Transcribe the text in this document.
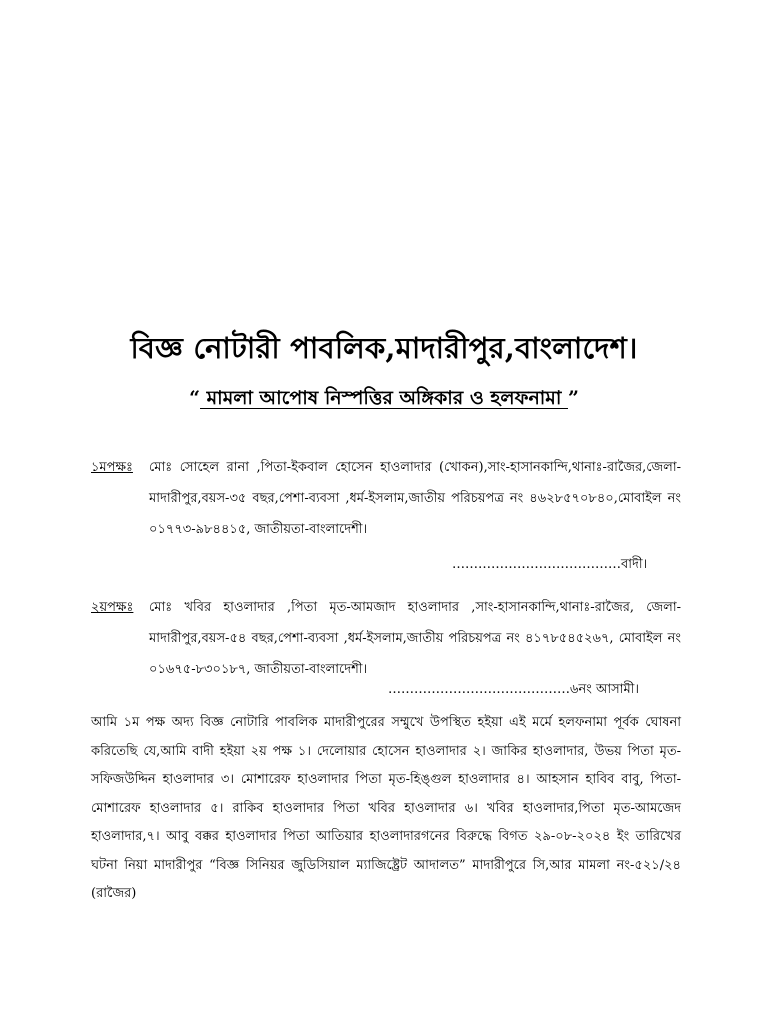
বিজ্ঞ নোটারী পাবলিক,মাদারীপুর,বাংলাদেশ।
“ মামলা আপোষ নিস্পত্তির অঙ্গিকার ও হলফনামা ”
১মপক্ষঃ মোঃ সোহেল রানা ,পিতা-ইকবাল হোসেন হাওলাদার (খোকন),সাং-হাসানকান্দি,থানাঃ-রাজৈর,জেলা-মাদারীপুর,বয়স-৩৫ বছর,পেশা-ব্যবসা ,ধর্ম-ইসলাম,জাতীয় পরিচয়পত্র নং ৪৬২৮৫৭০৮৪০,মোবাইল নং ০১৭৭৩-৯৮৪৪১৫, জাতীয়তা-বাংলাদেশী।
…………………………………বাদী।
২য়পক্ষঃ মোঃ খবির হাওলাদার ,পিতা মৃত-আমজাদ হাওলাদার ,সাং-হাসানকান্দি,থানাঃ-রাজৈর, জেলা-মাদারীপুর,বয়স-৫৪ বছর,পেশা-ব্যবসা ,ধর্ম-ইসলাম,জাতীয় পরিচয়পত্র নং ৪১৭৮৫৪৫২৬৭, মোবাইল নং ০১৬৭৫-৮৩০১৮৭, জাতীয়তা-বাংলাদেশী।
……………………………………৬নং আসামী।
আমি ১ম পক্ষ অদ্য বিজ্ঞ নোটারি পাবলিক মাদারীপুরের সম্মুখে উপস্থিত হইয়া এই মর্মে হলফনামা পূর্বক ঘোষনা করিতেছি যে,আমি বাদী হইয়া ২য় পক্ষ ১। দেলোয়ার হোসেন হাওলাদার ২। জাকির হাওলাদার, উভয় পিতা মৃত-সফিজউদ্দিন হাওলাদার ৩। মোশারেফ হাওলাদার পিতা মৃত-হিঙ্গুল হাওলাদার ৪। আহসান হাবিব বাবু, পিতা-মোশারেফ হাওলাদার ৫। রাকিব হাওলাদার পিতা খবির হাওলাদার ৬। খবির হাওলাদার,পিতা মৃত-আমজেদ হাওলাদার,৭। আবু বক্কর হাওলাদার পিতা আতিয়ার হাওলাদারগনের বিরুদ্ধে বিগত ২৯-০৮-২০২৪ ইং তারিখের ঘটনা নিয়া মাদারীপুর “বিজ্ঞ সিনিয়র জুডিসিয়াল ম্যাজিষ্ট্রেট আদালত” মাদারীপুরে সি,আর মামলা নং-৫২১/২৪ (রাজৈর)
